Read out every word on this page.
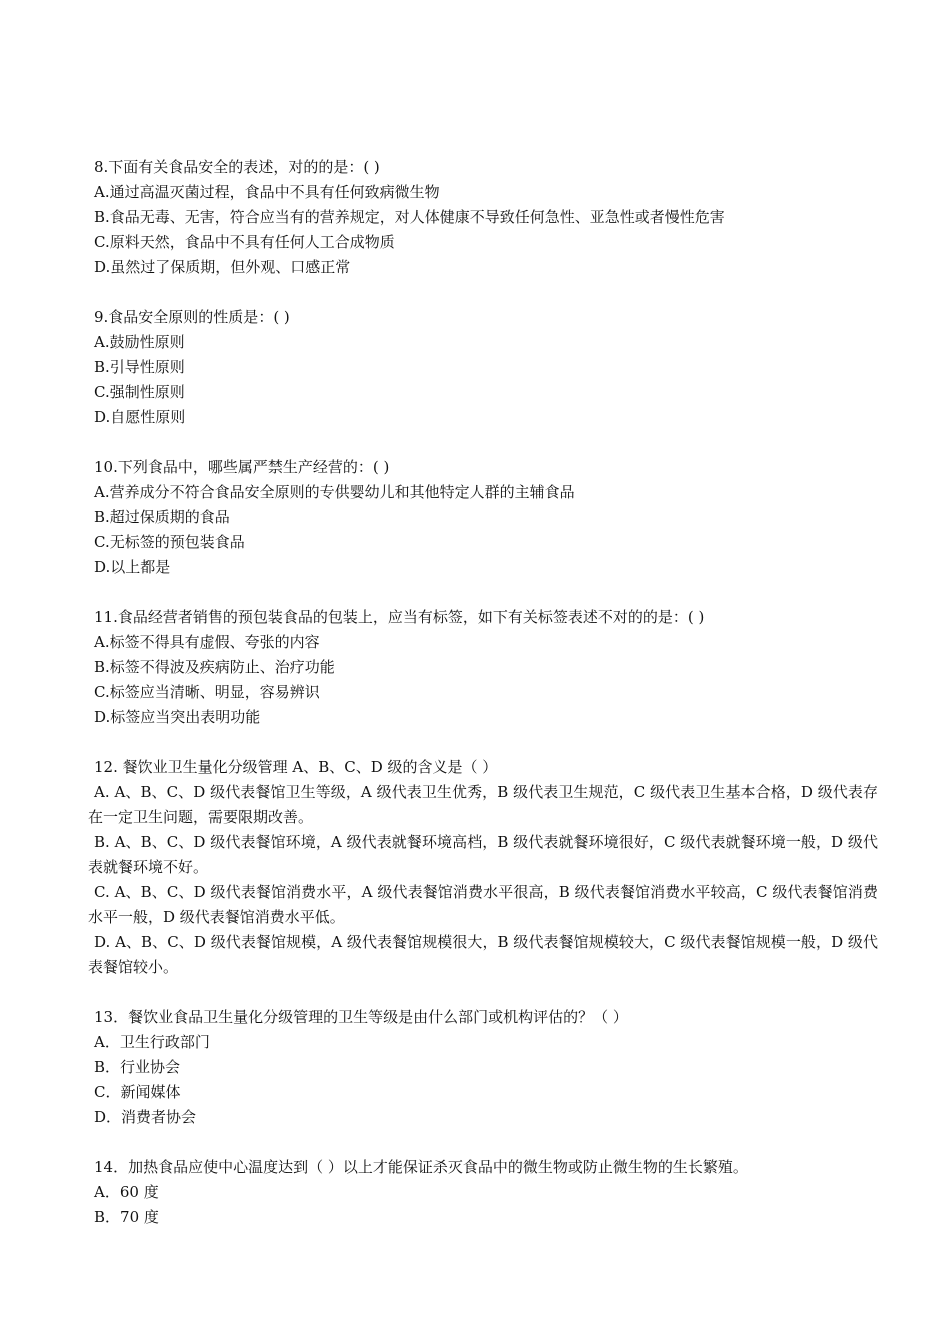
8.下面有关食品安全的表述，对的的是：( )
A.通过高温灭菌过程，食品中不具有任何致病微生物
B.食品无毒、无害，符合应当有的营养规定，对人体健康不导致任何急性、亚急性或者慢性危害
C.原料天然，食品中不具有任何人工合成物质
D.虽然过了保质期，但外观、口感正常
9.食品安全原则的性质是：( )
A.鼓励性原则
B.引导性原则
C.强制性原则
D.自愿性原则
10.下列食品中，哪些属严禁生产经营的：( )
A.营养成分不符合食品安全原则的专供婴幼儿和其他特定人群的主辅食品
B.超过保质期的食品
C.无标签的预包装食品
D.以上都是
11.食品经营者销售的预包装食品的包装上，应当有标签，如下有关标签表述不对的的是：( )
A.标签不得具有虚假、夸张的内容
B.标签不得波及疾病防止、治疗功能
C.标签应当清晰、明显，容易辨识
D.标签应当突出表明功能
12. 餐饮业卫生量化分级管理 A、B、C、D 级的含义是（ ）
A. A、B、C、D 级代表餐馆卫生等级，A 级代表卫生优秀，B 级代表卫生规范，C 级代表卫生基本合格，D 级代表存在一定卫生问题，需要限期改善。
B. A、B、C、D 级代表餐馆环境，A 级代表就餐环境高档，B 级代表就餐环境很好，C 级代表就餐环境一般，D 级代表就餐环境不好。
C. A、B、C、D 级代表餐馆消费水平，A 级代表餐馆消费水平很高，B 级代表餐馆消费水平较高，C 级代表餐馆消费水平一般，D 级代表餐馆消费水平低。
D. A、B、C、D 级代表餐馆规模，A 级代表餐馆规模很大，B 级代表餐馆规模较大，C 级代表餐馆规模一般，D 级代表餐馆较小。
13．餐饮业食品卫生量化分级管理的卫生等级是由什么部门或机构评估的？（ ）
A．卫生行政部门
B．行业协会
C．新闻媒体
D．消费者协会
14．加热食品应使中心温度达到（ ）以上才能保证杀灭食品中的微生物或防止微生物的生长繁殖。
A．60 度
B．70 度
